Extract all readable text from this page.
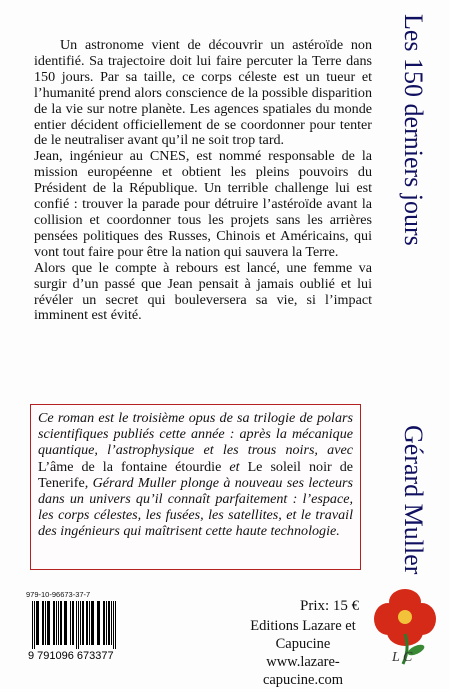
Un astronome vient de découvrir un astéroïde non identifié. Sa trajectoire doit lui faire percuter la Terre dans 150 jours. Par sa taille, ce corps céleste est un tueur et l’humanité prend alors conscience de la possible disparition de la vie sur notre planète. Les agences spatiales du monde entier décident officiellement de se coordonner pour tenter de le neutraliser avant qu’il ne soit trop tard.

Jean, ingénieur au CNES, est nommé responsable de la mission européenne et obtient les pleins pouvoirs du Président de la République. Un terrible challenge lui est confié : trouver la parade pour détruire l’astéroïde avant la collision et coordonner tous les projets sans les arrières pensées politiques des Russes, Chinois et Américains, qui vont tout faire pour être la nation qui sauvera la Terre.

Alors que le compte à rebours est lancé, une femme va surgir d’un passé que Jean pensait à jamais oublié et lui révéler un secret qui bouleversera sa vie, si l’impact imminent est évité.

Les 150 derniers jours
Gérard Muller
Ce roman est le troisième opus de sa trilogie de polars scientifiques publiés cette année : après la mécanique quantique, l’astrophysique et les trous noirs, avec L’âme de la fontaine étourdie et Le soleil noir de Tenerife, Gérard Muller plonge à nouveau ses lecteurs dans un univers qu’il connaît parfaitement : l’espace, les corps célestes, les fusées, les satellites, et le travail des ingénieurs qui maîtrisent cette haute technologie.
979-10-96673-37-7
9 791096 673377
Prix: 15 €
Editions Lazare et Capucine
www.lazare-capucine.com
L C
